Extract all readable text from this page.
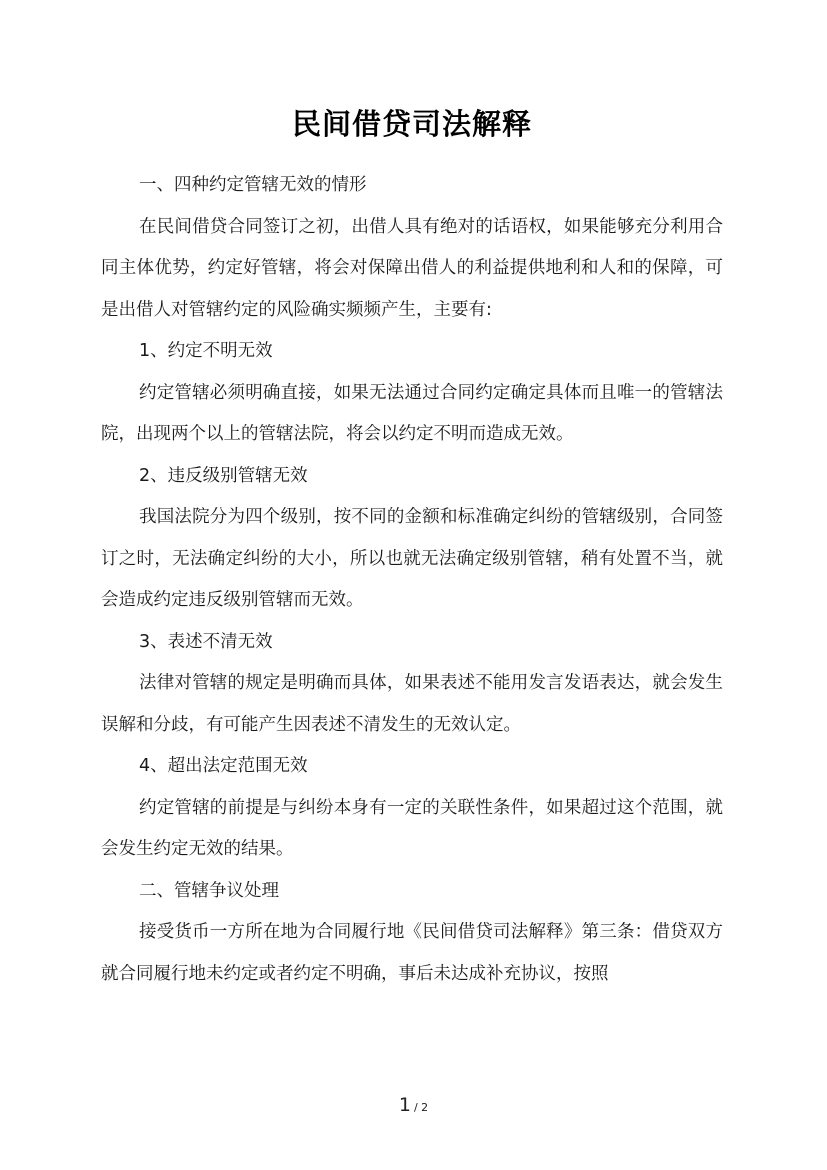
民间借贷司法解释

一、四种约定管辖无效的情形

在民间借贷合同签订之初，出借人具有绝对的话语权，如果能够充分利用合同主体优势，约定好管辖，将会对保障出借人的利益提供地利和人和的保障，可是出借人对管辖约定的风险确实频频产生，主要有:

1、约定不明无效

约定管辖必须明确直接，如果无法通过合同约定确定具体而且唯一的管辖法院，出现两个以上的管辖法院，将会以约定不明而造成无效。

2、违反级别管辖无效

我国法院分为四个级别，按不同的金额和标准确定纠纷的管辖级别，合同签订之时，无法确定纠纷的大小，所以也就无法确定级别管辖，稍有处置不当，就会造成约定违反级别管辖而无效。

3、表述不清无效

法律对管辖的规定是明确而具体，如果表述不能用发言发语表达，就会发生误解和分歧，有可能产生因表述不清发生的无效认定。

4、超出法定范围无效

约定管辖的前提是与纠纷本身有一定的关联性条件，如果超过这个范围，就会发生约定无效的结果。

二、管辖争议处理

接受货币一方所在地为合同履行地《民间借贷司法解释》第三条：借贷双方就合同履行地未约定或者约定不明确，事后未达成补充协议，按照

1 / 2
